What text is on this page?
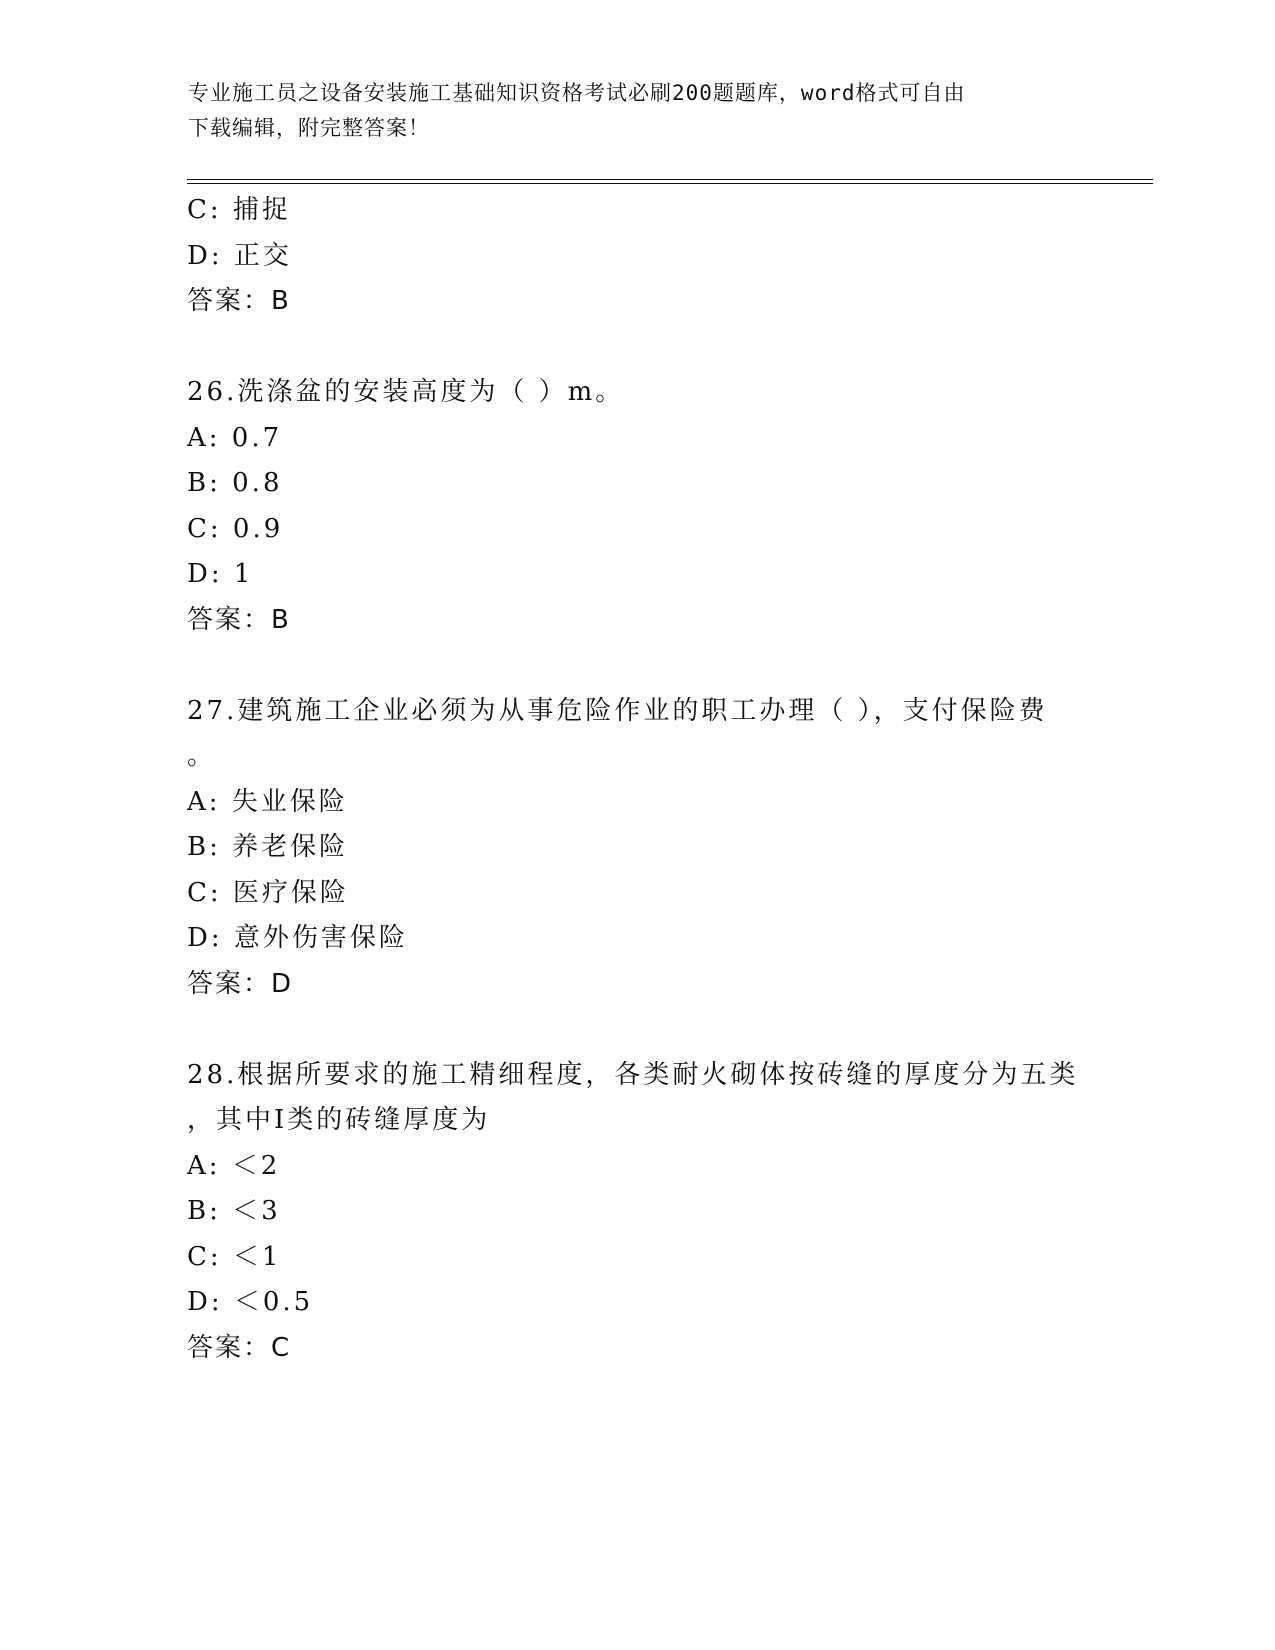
专业施工员之设备安装施工基础知识资格考试必刷200题题库，word格式可自由
下载编辑，附完整答案！
C: 捕捉
D: 正交
答案：B
26.洗涤盆的安装高度为（ ）m。
A: 0.7
B: 0.8
C: 0.9
D: 1
答案：B
27.建筑施工企业必须为从事危险作业的职工办理（ ），支付保险费
。
A: 失业保险
B: 养老保险
C: 医疗保险
D: 意外伤害保险
答案：D
28.根据所要求的施工精细程度，各类耐火砌体按砖缝的厚度分为五类
，其中Ⅰ类的砖缝厚度为
A: ＜2
B: ＜3
C: ＜1
D: ＜0.5
答案：C
